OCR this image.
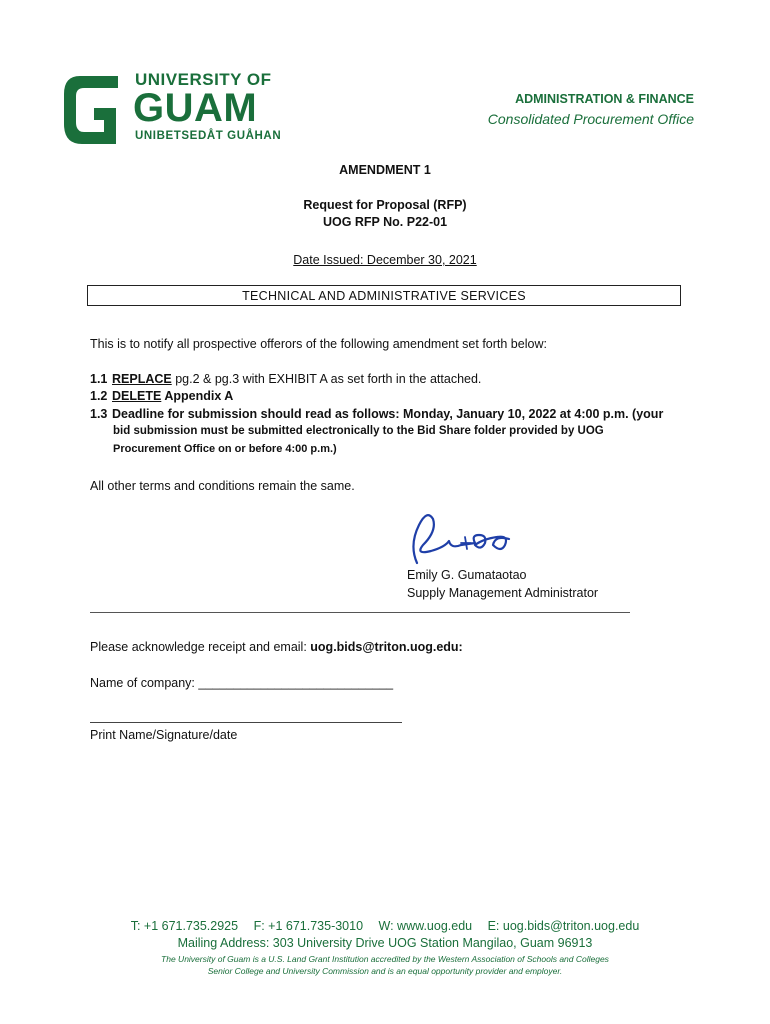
UNIVERSITY OF
GUAM
UNIBETSEDÅT GUÅHAN
ADMINISTRATION & FINANCE
Consolidated Procurement Office
AMENDMENT 1
Request for Proposal (RFP)
UOG RFP No. P22-01
Date Issued: December 30, 2021
TECHNICAL AND ADMINISTRATIVE SERVICES
This is to notify all prospective offerors of the following amendment set forth below:
1.1 REPLACE pg.2 & pg.3 with EXHIBIT A as set forth in the attached.
1.2 DELETE Appendix A
1.3 Deadline for submission should read as follows: Monday, January 10, 2022 at 4:00 p.m. (your
bid submission must be submitted electronically to the Bid Share folder provided by UOG
Procurement Office on or before 4:00 p.m.)
All other terms and conditions remain the same.
Emily G. Gumataotao
Supply Management Administrator
Please acknowledge receipt and email: uog.bids@triton.uog.edu:
Name of company: ____________________________
Print Name/Signature/date
T: +1 671.735.2925 F: +1 671.735-3010 W: www.uog.edu E: uog.bids@triton.uog.edu
Mailing Address: 303 University Drive UOG Station Mangilao, Guam 96913
The University of Guam is a U.S. Land Grant Institution accredited by the Western Association of Schools and Colleges
Senior College and University Commission and is an equal opportunity provider and employer.
